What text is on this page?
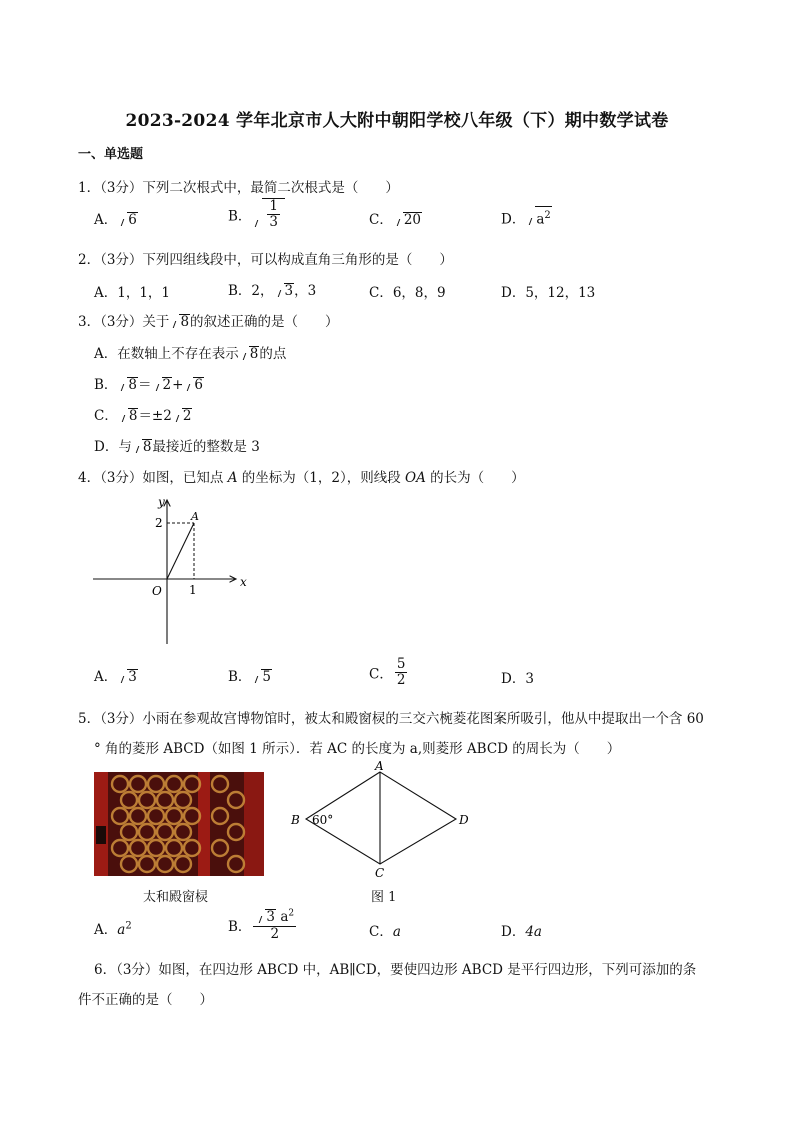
2023-2024 学年北京市人大附中朝阳学校八年级（下）期中数学试卷
一、单选题
1．（3分）下列二次根式中，最简二次根式是（　　）
A． 6	B． $\frac{1}{3}$	C． 20	D． $a^2$
2．（3分）下列四组线段中，可以构成直角三角形的是（　　）
A．1，1，1	B．2， 3，3	C．6，8，9	D．5，12，13
3．（3分）关于 8的叙述正确的是（　　）
A．在数轴上不存在表示 8的点
B． 8＝ 2+ 6
C． 8＝±2 2
D．与 8最接近的整数是 3
4．（3分）如图，已知点 A 的坐标为（1，2），则线段 OA 的长为（　　）
y
x
O
A
2
1
A． 3	B． 5	C． $\frac{5}{2}$	D．3
5．（3分）小雨在参观故宫博物馆时，被太和殿窗棂的三交六椀菱花图案所吸引，他从中提取出一个含 60
° 角的菱形 ABCD（如图 1 所示）．若 AC 的长度为 a,则菱形 ABCD 的周长为（　　）
太和殿窗棂
A
B
C
D
60°
图 1
A．$a^2$	B． $\frac{3 a^2}{2}$	C．a	D．4a
6．（3分）如图，在四边形 ABCD 中，AB∥CD，要使四边形 ABCD 是平行四边形，下列可添加的条
件不正确的是（　　）
